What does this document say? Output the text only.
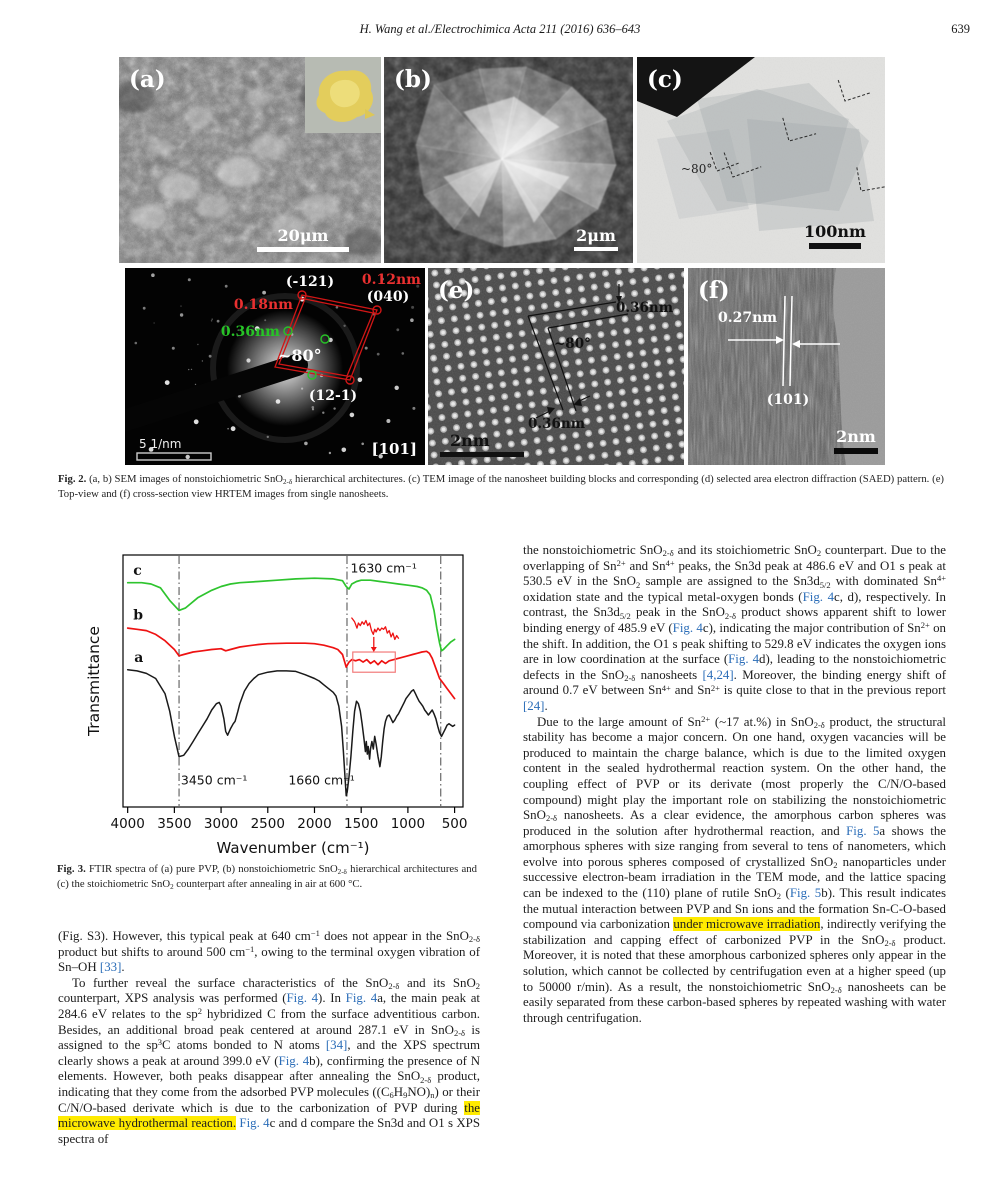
H. Wang et al./Electrochimica Acta 211 (2016) 636–643	639
(a)
20μm
(b)
2μm
~80°
(c)
100nm
(-121) 0.12nm
(040)
0.18nm
0.36nm
~80°
(12-1)
[101]
5 1/nm
0.36nm
~80°
0.36nm
(e)
2nm
0.27nm
(101)
(f)
2nm

Fig. 2. (a, b) SEM images of nonstoichiometric SnO2-δ hierarchical architectures. (c) TEM image of the nanosheet building blocks and corresponding (d) selected area electron diffraction (SAED) pattern. (e) Top-view and (f) cross-section view HRTEM images from single nanosheets.

4000 3500 3000 2500 2000 1500 1000 500
1630 cm⁻¹
3450 cm⁻¹	1660 cm⁻¹
c
b
a
Wavenumber (cm⁻¹)
Transmittance

Fig. 3. FTIR spectra of (a) pure PVP, (b) nonstoichiometric SnO2-δ hierarchical architectures and (c) the stoichiometric SnO2 counterpart after annealing in air at 600 °C.

(Fig. S3). However, this typical peak at 640 $cm^{-1}$ does not appear in the SnO2-δ product but shifts to around 500 $cm^{-1}$, owing to the terminal oxygen vibration of Sn–OH [33].

To further reveal the surface characteristics of the SnO2-δ and its SnO2 counterpart, XPS analysis was performed (Fig. 4). In Fig. 4a, the main peak at 284.6 eV relates to the $sp^2$ hybridized C from the surface adventitious carbon. Besides, an additional broad peak centered at around 287.1 eV in SnO2-δ is assigned to the $sp^3C$ atoms bonded to N atoms [34], and the XPS spectrum clearly shows a peak at around 399.0 eV (Fig. 4b), confirming the presence of N elements. However, both peaks disappear after annealing the SnO2-δ product, indicating that they come from the adsorbed PVP molecules ((C6H9NO)n) or their C/N/O-based derivate which is due to the carbonization of PVP during the microwave hydrothermal reaction. Fig. 4c and d compare the Sn3d and O1 s XPS spectra of

the nonstoichiometric SnO2-δ and its stoichiometric SnO2 counterpart. Due to the overlapping of $Sn^{2+}$ and $Sn^{4+}$ peaks, the Sn3d peak at 486.6 eV and O1 s peak at 530.5 eV in the SnO2 sample are assigned to the Sn3d5/2 with dominated $Sn^{4+}$ oxidation state and the typical metal-oxygen bonds (Fig. 4c, d), respectively. In contrast, the Sn3d5/2 peak in the SnO2-δ product shows apparent shift to lower binding energy of 485.9 eV (Fig. 4c), indicating the major contribution of $Sn^{2+}$ on the shift. In addition, the O1 s peak shifting to 529.8 eV indicates the oxygen ions are in low coordination at the surface (Fig. 4d), leading to the nonstoichiometric defects in the SnO2-δ nanosheets [4,24]. Moreover, the binding energy shift of around 0.7 eV between $Sn^{4+}$ and $Sn^{2+}$ is quite close to that in the previous report [24].

Due to the large amount of $Sn^{2+}$ (~17 at.%) in SnO2-δ product, the structural stability has become a major concern. On one hand, oxygen vacancies will be produced to maintain the charge balance, which is due to the limited oxygen content in the sealed hydrothermal reaction system. On the other hand, the coupling effect of PVP or its derivate (most properly the C/N/O-based compound) might play the important role on stabilizing the nonstoichiometric SnO2-δ nanosheets. As a clear evidence, the amorphous carbon spheres was produced in the solution after hydrothermal reaction, and Fig. 5a shows the amorphous spheres with size ranging from several to tens of nanometers, which evolve into porous spheres composed of crystallized SnO2 nanoparticles under successive electron-beam irradiation in the TEM mode, and the lattice spacing can be indexed to the (110) plane of rutile SnO2 (Fig. 5b). This result indicates the mutual interaction between PVP and Sn ions and the formation Sn-C-O-based compound via carbonization under microwave irradiation, indirectly verifying the stabilization and capping effect of carbonized PVP in the SnO2-δ product. Moreover, it is noted that these amorphous carbonized spheres only appear in the solution, which cannot be collected by centrifugation even at a higher speed (up to 50000 r/min). As a result, the nonstoichiometric SnO2-δ nanosheets can be easily separated from these carbon-based spheres by repeated washing with water through centrifugation.
